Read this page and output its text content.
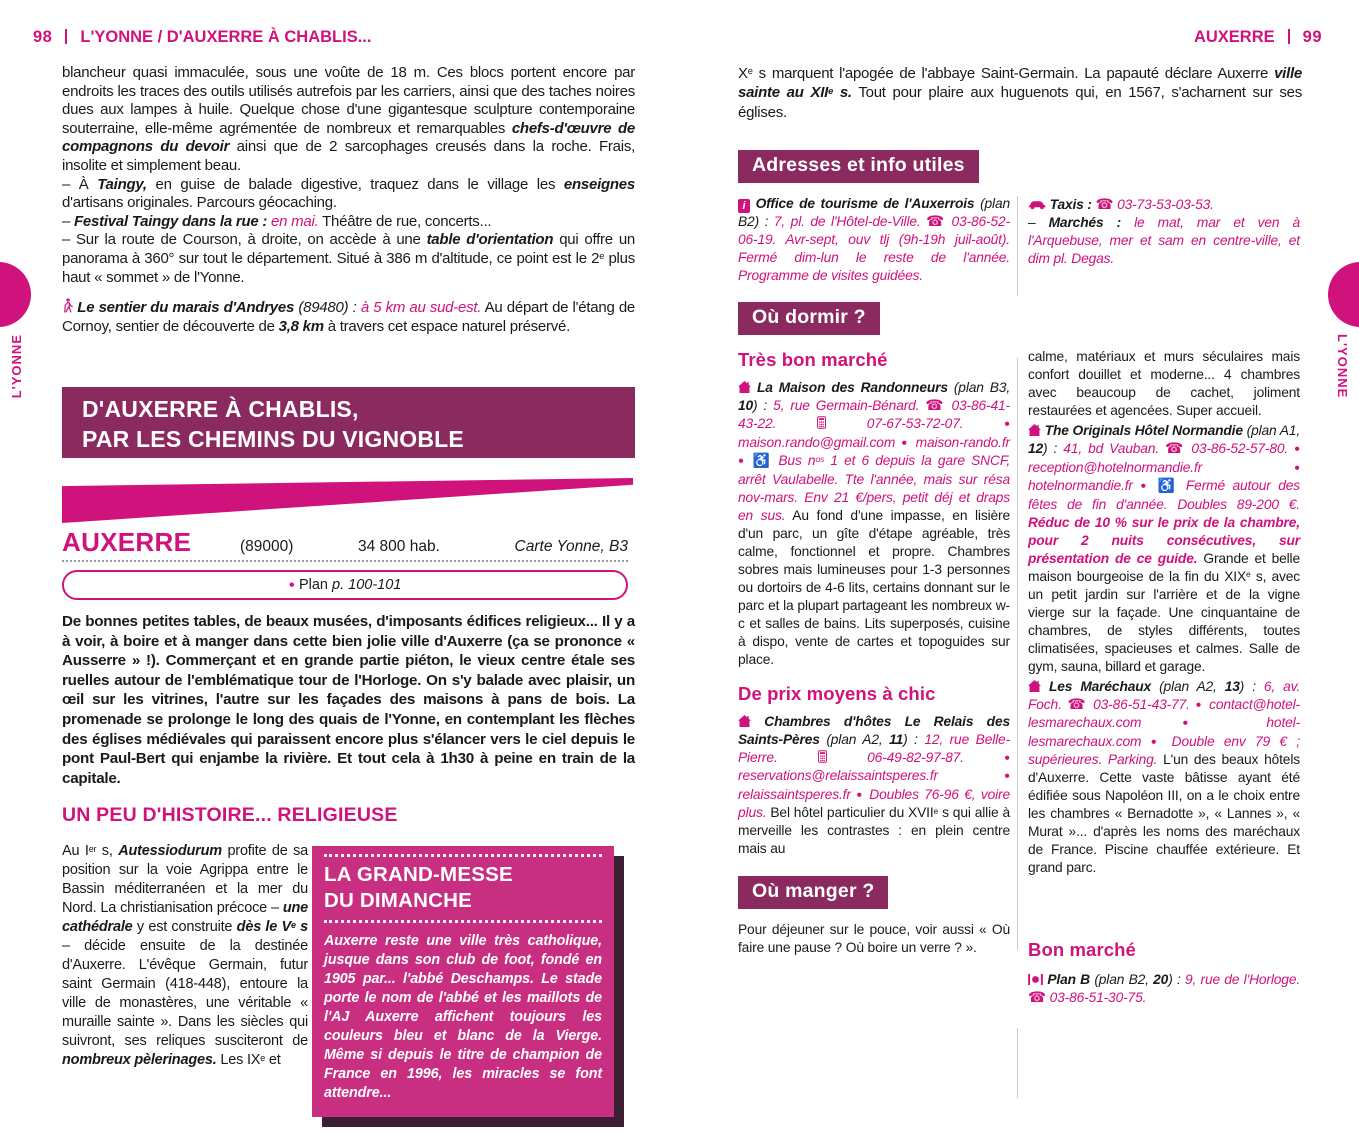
L'YONNE	L'YONNE
98 L'YONNE / D'AUXERRE À CHABLIS...	AUXERRE 99

blancheur quasi immaculée, sous une voûte de 18 m. Ces blocs portent encore par endroits les traces des outils utilisés autrefois par les carriers, ainsi que des taches noires dues aux lampes à huile. Quelque chose d'une gigantesque sculpture contemporaine souterraine, elle-même agrémentée de nombreux et remarquables chefs-d'œuvre de compagnons du devoir ainsi que de 2 sarcophages creusés dans la roche. Frais, insolite et simplement beau.

– À Taingy, en guise de balade digestive, traquez dans le village les enseignes d'artisans originales. Parcours géocaching.

– Festival Taingy dans la rue : en mai. Théâtre de rue, concerts...

– Sur la route de Courson, à droite, on accède à une table d'orientation qui offre un panorama à 360° sur tout le département. Situé à 386 m d'altitude, ce point est le 2e plus haut « sommet » de l'Yonne.

Le sentier du marais d'Andryes (89480) : à 5 km au sud-est. Au départ de l'étang de Cornoy, sentier de découverte de 3,8 km à travers cet espace naturel préservé.

D'AUXERRE À CHABLIS,
PAR LES CHEMINS DU VIGNOBLE
AUXERRE	(89000)	34 800 hab.	Carte Yonne, B3
● Plan p. 100-101
De bonnes petites tables, de beaux musées, d'imposants édifices religieux... Il y a à voir, à boire et à manger dans cette bien jolie ville d'Auxerre (ça se prononce « Ausserre » !). Commerçant et en grande partie piéton, le vieux centre étale ses ruelles autour de l'emblématique tour de l'Horloge. On s'y balade avec plaisir, un œil sur les vitrines, l'autre sur les façades des maisons à pans de bois. La promenade se prolonge le long des quais de l'Yonne, en contemplant les flèches des églises médiévales qui paraissent encore plus s'élancer vers le ciel depuis le pont Paul-Bert qui enjambe la rivière. Et tout cela à 1h30 à peine en train de la capitale.
UN PEU D'HISTOIRE... RELIGIEUSE
Au Ier s, Autessiodurum profite de sa position sur la voie Agrippa entre le Bassin méditerranéen et la mer du Nord. La christianisation précoce – une cathédrale y est construite dès le Ve s – décide ensuite de la destinée d'Auxerre. L'évêque Germain, futur saint Germain (418-448), entoure la ville de monastères, une véritable « muraille sainte ». Dans les siècles qui suivront, ses reliques susciteront de nombreux pèlerinages. Les IXe et
LA GRAND-MESSE
DU DIMANCHE
Auxerre reste une ville très catholique, jusque dans son club de foot, fondé en 1905 par... l'abbé Deschamps. Le stade porte le nom de l'abbé et les maillots de l'AJ Auxerre affichent toujours les couleurs bleu et blanc de la Vierge. Même si depuis le titre de champion de France en 1996, les miracles se font attendre...
Xe s marquent l'apogée de l'abbaye Saint-Germain. La papauté déclare Auxerre ville sainte au XIIe s. Tout pour plaire aux huguenots qui, en 1567, s'acharnent sur ses églises.
Adresses et info utiles

i Office de tourisme de l'Auxerrois (plan B2) : 7, pl. de l'Hôtel-de-Ville. ☎ 03-86-52-06-19. Avr-sept, ouv tlj (9h-19h juil-août). Fermé dim-lun le reste de l'année. Programme de visites guidées.

Où dormir ?
Très bon marché

La Maison des Randonneurs (plan B3, 10) : 5, rue Germain-Bénard. ☎ 03-86-41-43-22.  07-67-53-72-07. ● maison.rando@gmail.com ● maison-rando.fr ● ♿ Bus $n^{os}$ 1 et 6 depuis la gare SNCF, arrêt Vaulabelle. Tte l'année, mais sur résa nov-mars. Env 21 €/pers, petit déj et draps en sus. Au fond d'une impasse, en lisière d'un parc, un gîte d'étape agréable, très calme, fonctionnel et propre. Chambres sobres mais lumineuses pour 1-3 personnes ou dortoirs de 4-6 lits, certains donnant sur le parc et la plupart partageant les nombreux w-c et salles de bains. Lits superposés, cuisine à dispo, vente de cartes et topoguides sur place.

De prix moyens à chic

Chambres d'hôtes Le Relais des Saints-Pères (plan A2, 11) : 12, rue Belle-Pierre.  06-49-82-97-87. ● reservations@relaissaintsperes.fr ● relaissaintsperes.fr ● Doubles 76-96 €, voire plus. Bel hôtel particulier du XVIIe s qui allie à merveille les contrastes : en plein centre mais au

Où manger ?

Pour déjeuner sur le pouce, voir aussi « Où faire une pause ? Où boire un verre ? ».

Taxis : ☎ 03-73-53-03-53.

– Marchés : le mat, mar et ven à l'Arquebuse, mer et sam en centre-ville, et dim pl. Degas.

calme, matériaux et murs séculaires mais confort douillet et moderne... 4 chambres avec beaucoup de cachet, joliment restaurées et agencées. Super accueil.

The Originals Hôtel Normandie (plan A1, 12) : 41, bd Vauban. ☎ 03-86-52-57-80. ● reception@hotelnormandie.fr ● hotelnormandie.fr ● ♿ Fermé autour des fêtes de fin d'année. Doubles 89-200 €. Réduc de 10 % sur le prix de la chambre, pour 2 nuits consécutives, sur présentation de ce guide. Grande et belle maison bourgeoise de la fin du XIXe s, avec un petit jardin sur l'arrière et de la vigne vierge sur la façade. Une cinquantaine de chambres, de styles différents, toutes climatisées, spacieuses et calmes. Salle de gym, sauna, billard et garage.

Les Maréchaux (plan A2, 13) : 6, av. Foch. ☎ 03-86-51-43-77. ● contact@hotel-lesmarechaux.com ● hotel-lesmarechaux.com ● Double env 79 € ; supérieures. Parking. L'un des beaux hôtels d'Auxerre. Cette vaste bâtisse ayant été édifiée sous Napoléon III, on a le choix entre les chambres « Bernadotte », « Lannes », « Murat »... d'après les noms des maréchaux de France. Piscine chauffée extérieure. Et grand parc.

Bon marché

Plan B (plan B2, 20) : 9, rue de l'Horloge. ☎ 03-86-51-30-75.
